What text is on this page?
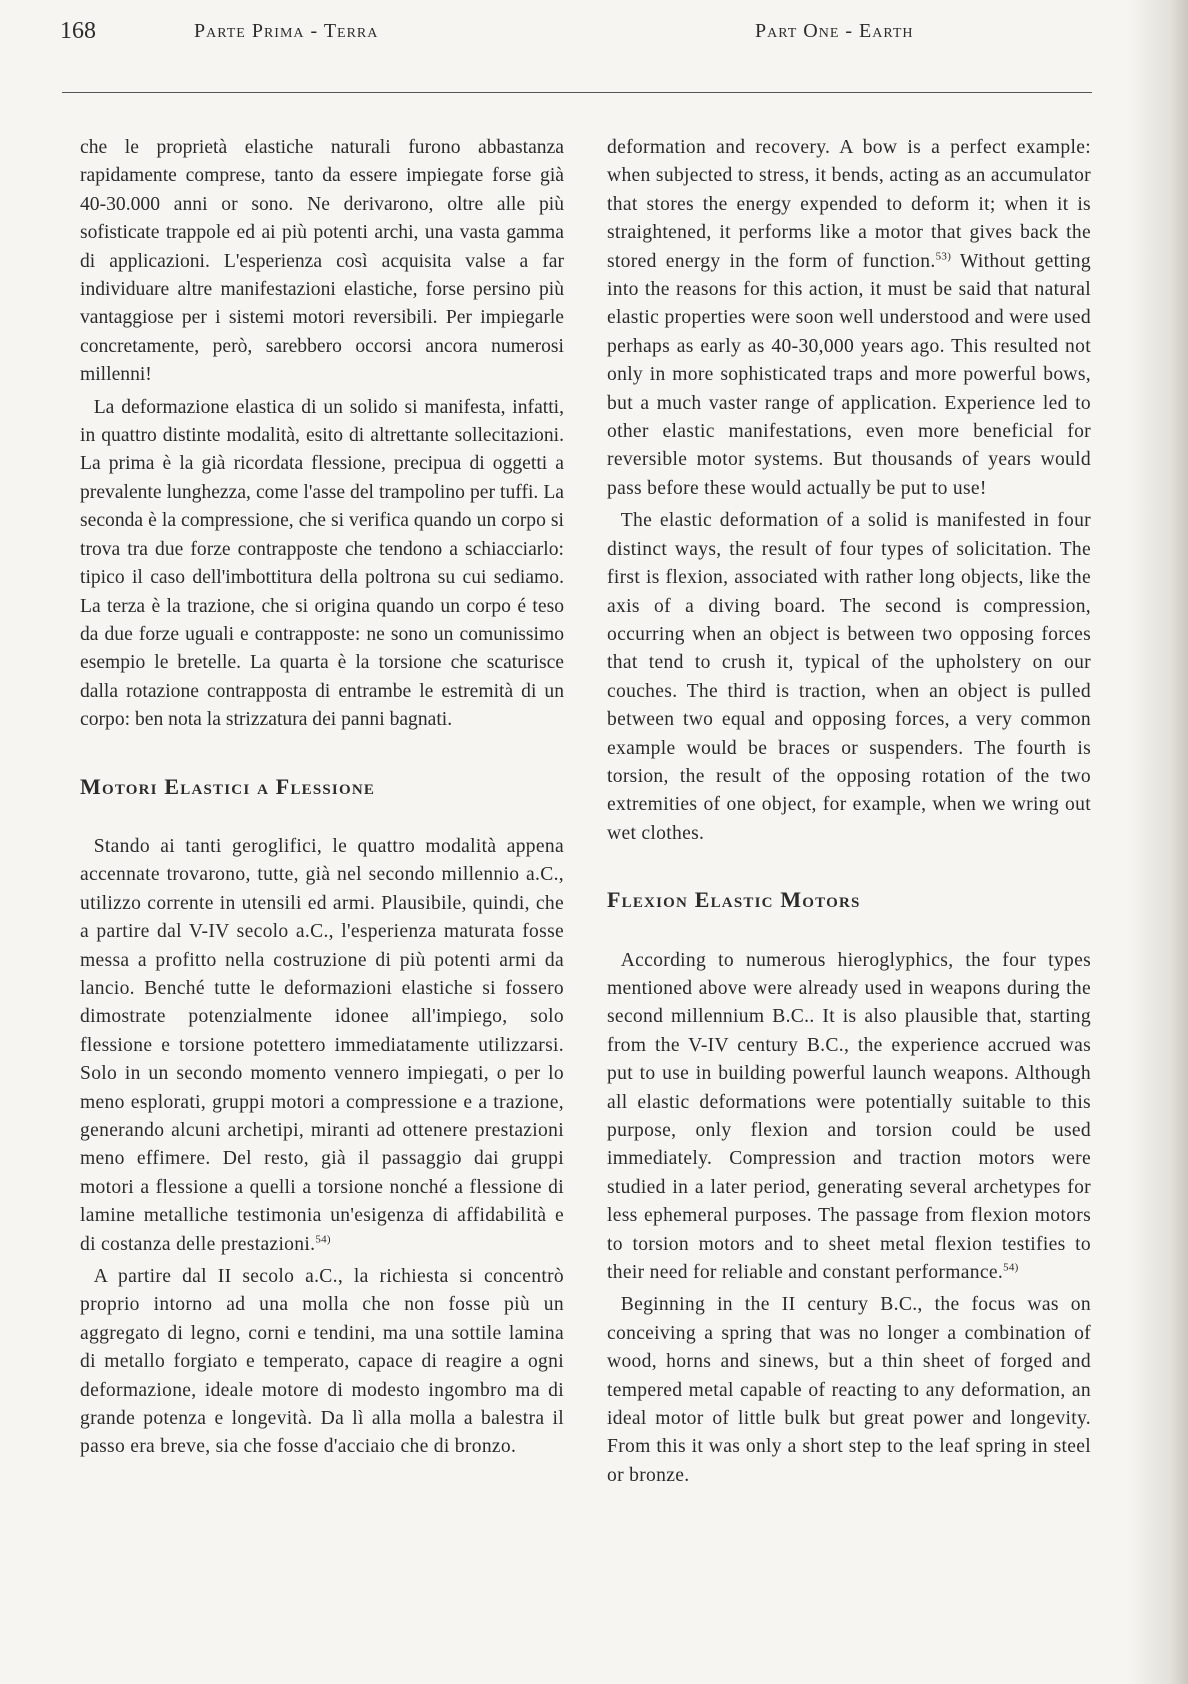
168	Parte Prima - Terra	Part One - Earth

che le proprietà elastiche naturali furono abbastanza rapidamente comprese, tanto da essere impiegate forse già 40-30.000 anni or sono. Ne derivarono, oltre alle più sofisticate trappole ed ai più potenti archi, una vasta gamma di applicazioni. L'esperienza così acquisita valse a far individuare altre manifestazioni elastiche, forse persino più vantaggiose per i sistemi motori reversibili. Per impiegarle concretamente, però, sarebbero occorsi ancora numerosi millenni!

La deformazione elastica di un solido si manifesta, infatti, in quattro distinte modalità, esito di altrettante sollecitazioni. La prima è la già ricordata flessione, precipua di oggetti a prevalente lunghezza, come l'asse del trampolino per tuffi. La seconda è la compressione, che si verifica quando un corpo si trova tra due forze contrapposte che tendono a schiacciarlo: tipico il caso dell'imbottitura della poltrona su cui sediamo. La terza è la trazione, che si origina quando un corpo é teso da due forze uguali e contrapposte: ne sono un comunissimo esempio le bretelle. La quarta è la torsione che scaturisce dalla rotazione contrapposta di entrambe le estremità di un corpo: ben nota la strizzatura dei panni bagnati.

Motori Elastici a Flessione

Stando ai tanti geroglifici, le quattro modalità appena accennate trovarono, tutte, già nel secondo millennio a.C., utilizzo corrente in utensili ed armi. Plausibile, quindi, che a partire dal V-IV secolo a.C., l'esperienza maturata fosse messa a profitto nella costruzione di più potenti armi da lancio. Benché tutte le deformazioni elastiche si fossero dimostrate potenzialmente idonee all'impiego, solo flessione e torsione potettero immediatamente utilizzarsi. Solo in un secondo momento vennero impiegati, o per lo meno esplorati, gruppi motori a compressione e a trazione, generando alcuni archetipi, miranti ad ottenere prestazioni meno effimere. Del resto, già il passaggio dai gruppi motori a flessione a quelli a torsione nonché a flessione di lamine metalliche testimonia un'esigenza di affidabilità e di costanza delle prestazioni.$^{54)}$

A partire dal II secolo a.C., la richiesta si concentrò proprio intorno ad una molla che non fosse più un aggregato di legno, corni e tendini, ma una sottile lamina di metallo forgiato e temperato, capace di reagire a ogni deformazione, ideale motore di modesto ingombro ma di grande potenza e longevità. Da lì alla molla a balestra il passo era breve, sia che fosse d'acciaio che di bronzo.

deformation and recovery. A bow is a perfect example: when subjected to stress, it bends, acting as an accumulator that stores the energy expended to deform it; when it is straightened, it performs like a motor that gives back the stored energy in the form of function.$^{53)}$ Without getting into the reasons for this action, it must be said that natural elastic properties were soon well understood and were used perhaps as early as 40-30,000 years ago. This resulted not only in more sophisticated traps and more powerful bows, but a much vaster range of application. Experience led to other elastic manifestations, even more beneficial for reversible motor systems. But thousands of years would pass before these would actually be put to use!

The elastic deformation of a solid is manifested in four distinct ways, the result of four types of solicitation. The first is flexion, associated with rather long objects, like the axis of a diving board. The second is compression, occurring when an object is between two opposing forces that tend to crush it, typical of the upholstery on our couches. The third is traction, when an object is pulled between two equal and opposing forces, a very common example would be braces or suspenders. The fourth is torsion, the result of the opposing rotation of the two extremities of one object, for example, when we wring out wet clothes.

Flexion Elastic Motors

According to numerous hieroglyphics, the four types mentioned above were already used in weapons during the second millennium B.C.. It is also plausible that, starting from the V-IV century B.C., the experience accrued was put to use in building powerful launch weapons. Although all elastic deformations were potentially suitable to this purpose, only flexion and torsion could be used immediately. Compression and traction motors were studied in a later period, generating several archetypes for less ephemeral purposes. The passage from flexion motors to torsion motors and to sheet metal flexion testifies to their need for reliable and constant performance.$^{54)}$

Beginning in the II century B.C., the focus was on conceiving a spring that was no longer a combination of wood, horns and sinews, but a thin sheet of forged and tempered metal capable of reacting to any deformation, an ideal motor of little bulk but great power and longevity. From this it was only a short step to the leaf spring in steel or bronze.
